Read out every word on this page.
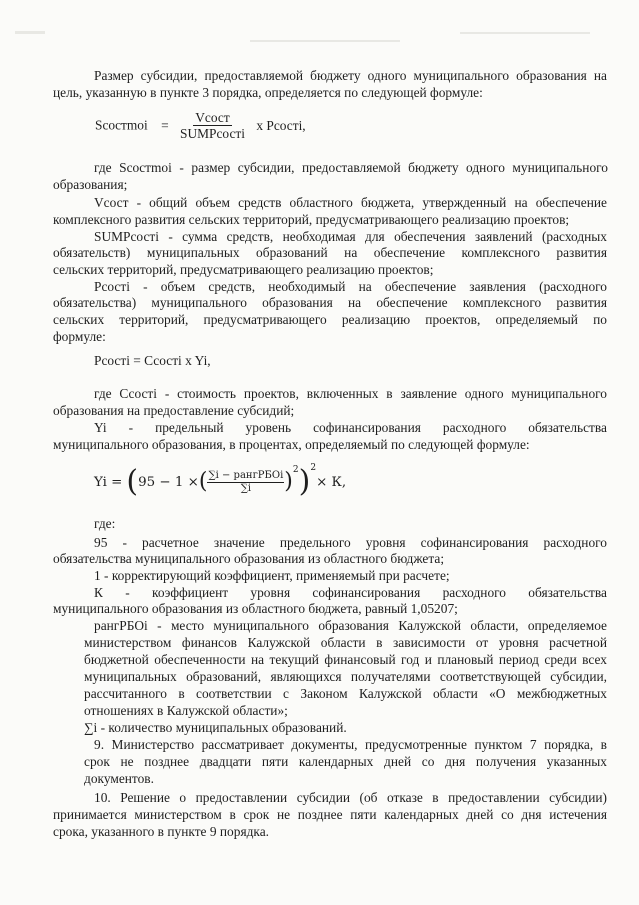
Размер субсидии, предоставляемой бюджету одного муниципального образования на
цель, указанную в пункте 3 порядка, определяется по следующей формуле:
Sсоcтmoi = $\frac{\text{Vсост}}{\text{SUMРсостi}}$ x Рсостi,
где Sсоcтmoi - размер субсидии, предоставляемой бюджету одного муниципального
образования;
Vсост - общий объем средств областного бюджета, утвержденный на обеспечение
комплексного развития сельских территорий, предусматривающего реализацию проектов;
SUMРсостi - сумма средств, необходимая для обеспечения заявлений (расходных
обязательств) муниципальных образований на обеспечение комплексного развития
сельских территорий, предусматривающего реализацию проектов;
Рсостi - объем средств, необходимый на обеспечение заявления (расходного
обязательства) муниципального образования на обеспечение комплексного развития
сельских территорий, предусматривающего реализацию проектов, определяемый по
формуле:
Рсостi = Ссостi x Yi,
где Ссостi - стоимость проектов, включенных в заявление одного муниципального
образования на предоставление субсидий;
Yi - предельный уровень софинансирования расходного обязательства
муниципального образования, в процентах, определяемый по следующей формуле:
Yi = ( 95 − 1 × ( $\frac{\text{∑i − рангРБОi}}{\sum i} )^2$ )$^2$
× К,
где:
95 - расчетное значение предельного уровня софинансирования расходного
обязательства муниципального образования из областного бюджета;
1 - корректирующий коэффициент, применяемый при расчете;
К - коэффициент уровня софинансирования расходного обязательства
муниципального образования из областного бюджета, равный 1,05207;
рангРБОi - место муниципального образования Калужской области, определяемое
министерством финансов Калужской области в зависимости от уровня расчетной
бюджетной обеспеченности на текущий финансовый год и плановый период среди всех
муниципальных образований, являющихся получателями соответствующей субсидии,
рассчитанного в соответствии с Законом Калужской области «О межбюджетных
отношениях в Калужской области»;
∑i - количество муниципальных образований.
9. Министерство рассматривает документы, предусмотренные пунктом 7 порядка, в
срок не позднее двадцати пяти календарных дней со дня получения указанных
документов.
10. Решение о предоставлении субсидии (об отказе в предоставлении субсидии)
принимается министерством в срок не позднее пяти календарных дней со дня истечения
срока, указанного в пункте 9 порядка.
